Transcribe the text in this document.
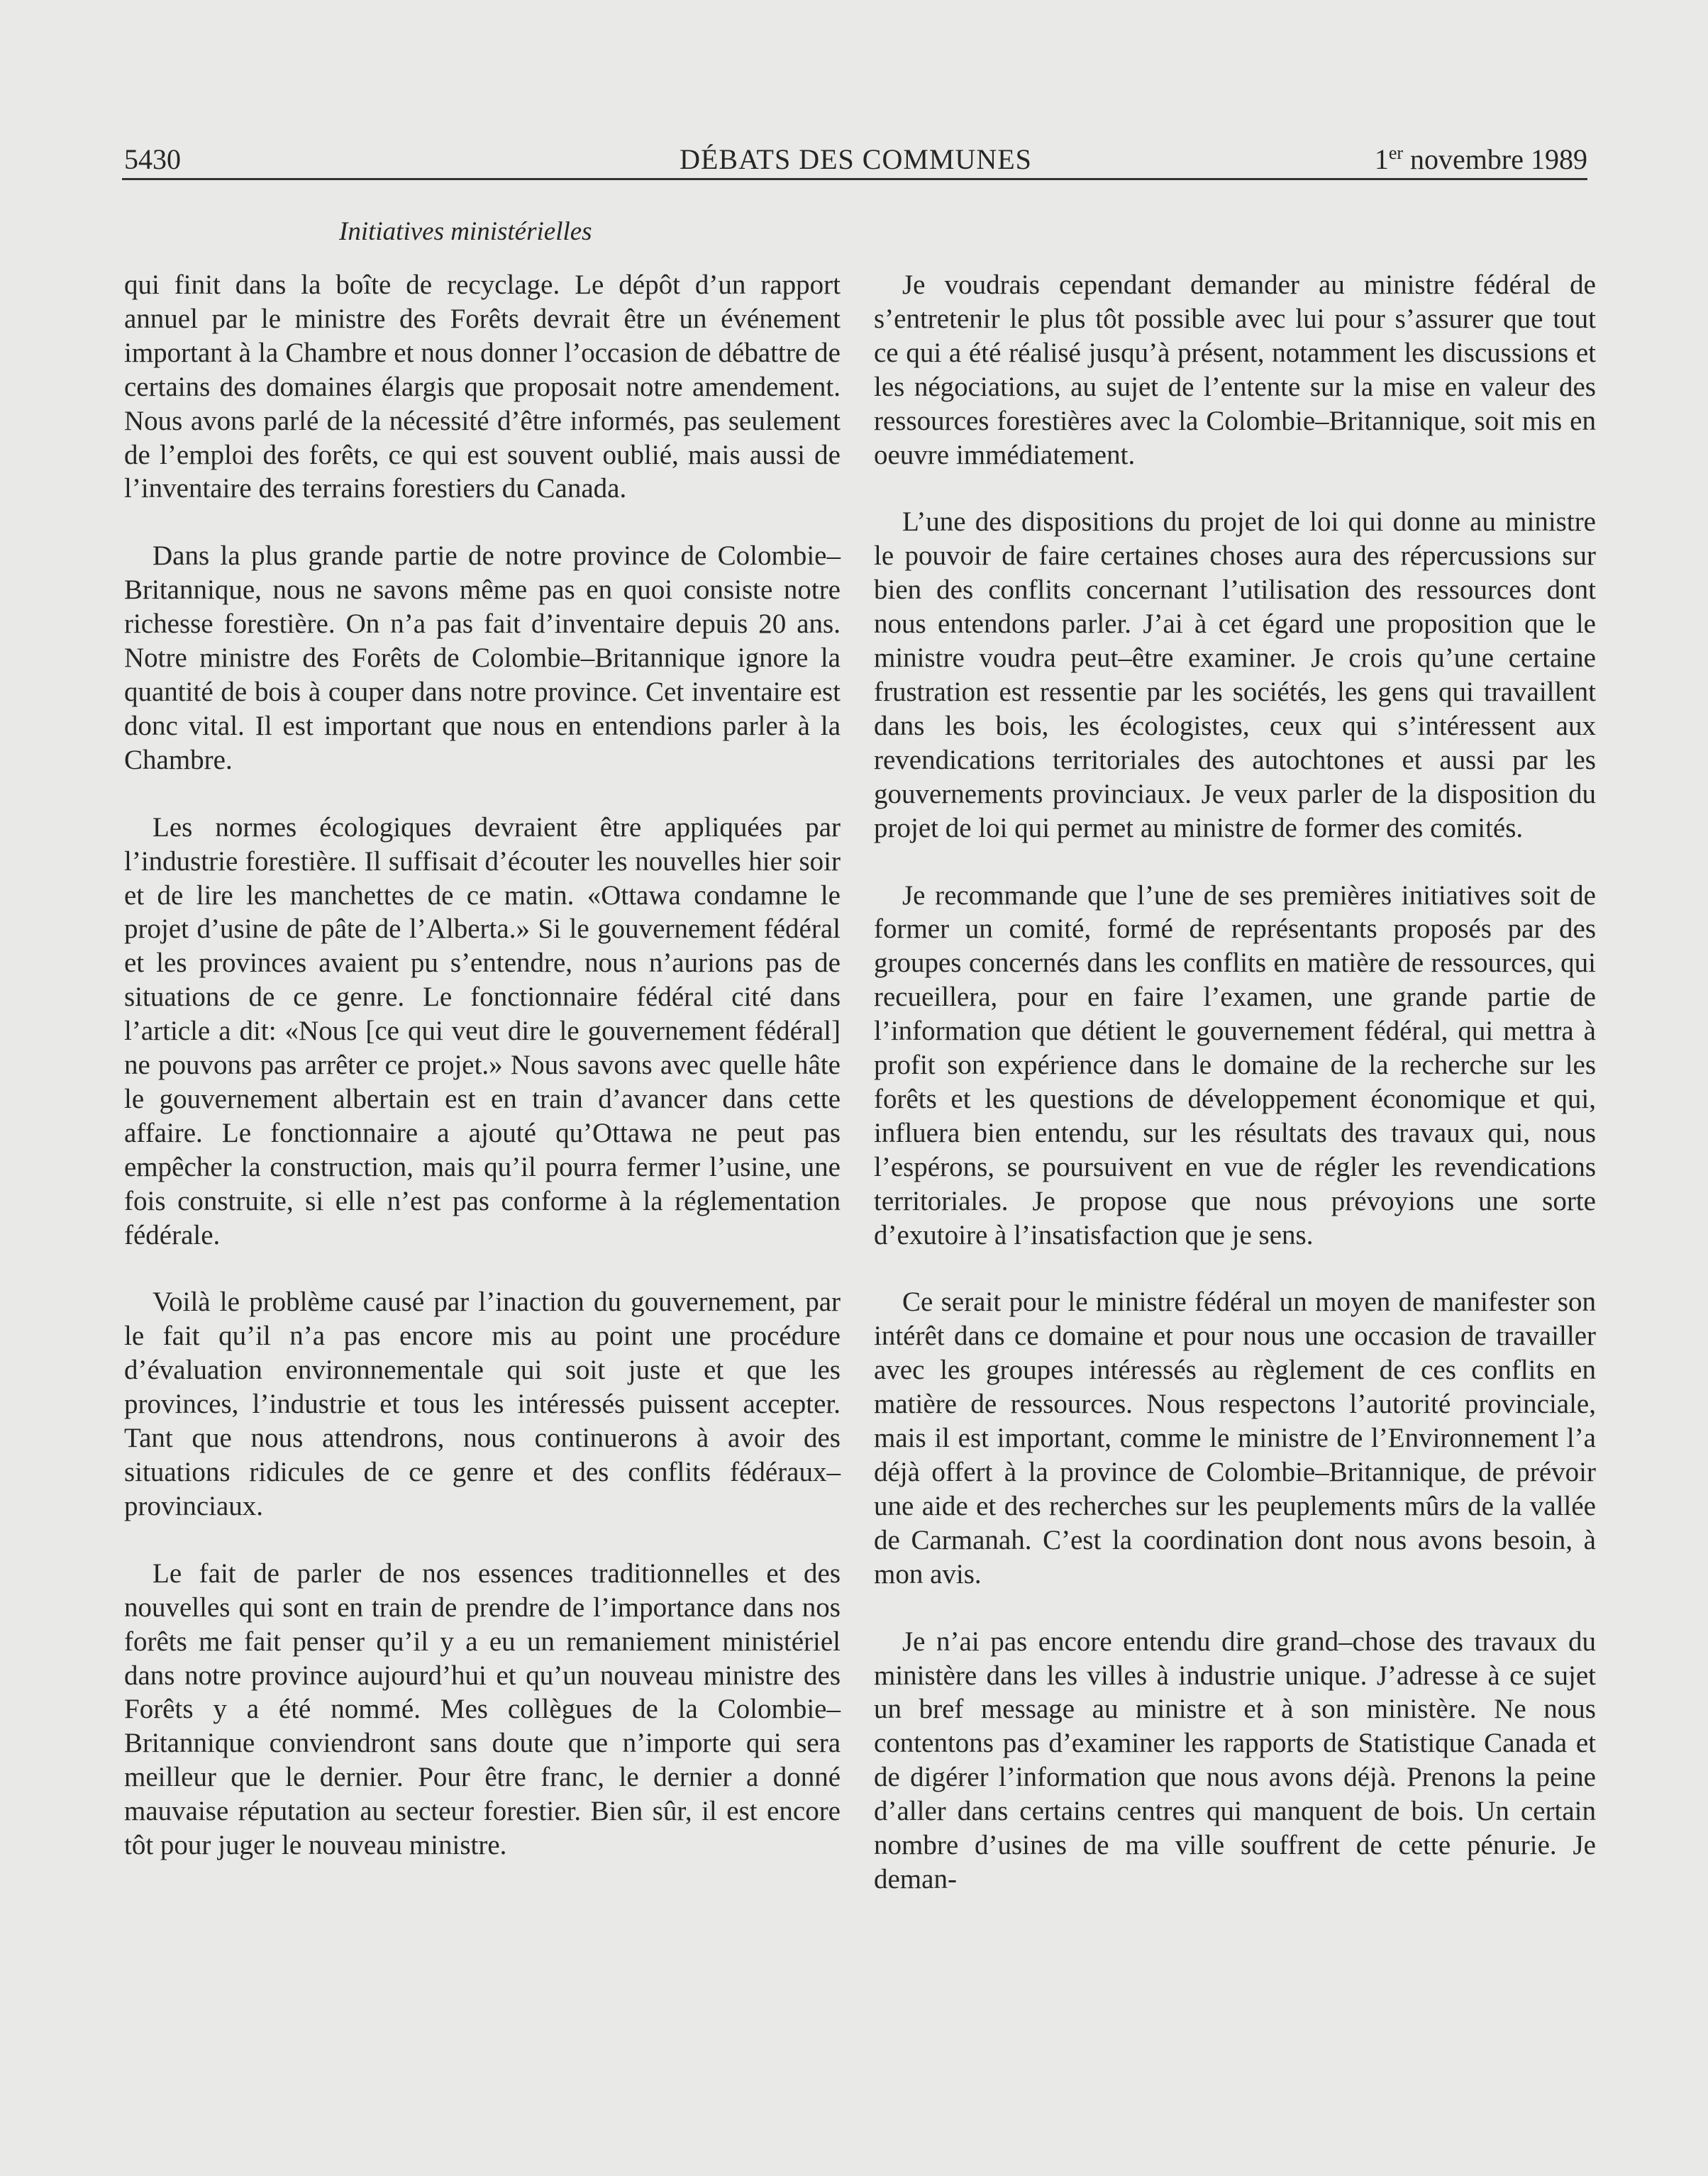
5430	DÉBATS DES COMMUNES	1er novembre 1989
Initiatives ministérielles

qui finit dans la boîte de recyclage. Le dépôt d’un rapport annuel par le ministre des Forêts devrait être un événement important à la Chambre et nous donner l’occasion de débattre de certains des domaines élargis que proposait notre amendement. Nous avons parlé de la nécessité d’être informés, pas seulement de l’emploi des forêts, ce qui est souvent oublié, mais aussi de l’inventaire des terrains forestiers du Canada.

Dans la plus grande partie de notre province de Colombie–Britannique, nous ne savons même pas en quoi consiste notre richesse forestière. On n’a pas fait d’inventaire depuis 20 ans. Notre ministre des Forêts de Colombie–Britannique ignore la quantité de bois à couper dans notre province. Cet inventaire est donc vital. Il est important que nous en entendions parler à la Chambre.

Les normes écologiques devraient être appliquées par l’industrie forestière. Il suffisait d’écouter les nouvelles hier soir et de lire les manchettes de ce matin. «Ottawa condamne le projet d’usine de pâte de l’Alberta.» Si le gouvernement fédéral et les provinces avaient pu s’entendre, nous n’aurions pas de situations de ce genre. Le fonctionnaire fédéral cité dans l’article a dit: «Nous [ce qui veut dire le gouvernement fédéral] ne pouvons pas arrêter ce projet.» Nous savons avec quelle hâte le gouvernement albertain est en train d’avancer dans cette affaire. Le fonctionnaire a ajouté qu’Ottawa ne peut pas empêcher la construction, mais qu’il pourra fermer l’usine, une fois construite, si elle n’est pas conforme à la réglementation fédérale.

Voilà le problème causé par l’inaction du gouvernement, par le fait qu’il n’a pas encore mis au point une procédure d’évaluation environnementale qui soit juste et que les provinces, l’industrie et tous les intéressés puissent accepter. Tant que nous attendrons, nous continuerons à avoir des situations ridicules de ce genre et des conflits fédéraux–provinciaux.

Le fait de parler de nos essences traditionnelles et des nouvelles qui sont en train de prendre de l’importance dans nos forêts me fait penser qu’il y a eu un remaniement ministériel dans notre province aujourd’hui et qu’un nouveau ministre des Forêts y a été nommé. Mes collègues de la Colombie–Britannique conviendront sans doute que n’importe qui sera meilleur que le dernier. Pour être franc, le dernier a donné mauvaise réputation au secteur forestier. Bien sûr, il est encore tôt pour juger le nouveau ministre.

Je voudrais cependant demander au ministre fédéral de s’entretenir le plus tôt possible avec lui pour s’assurer que tout ce qui a été réalisé jusqu’à présent, notamment les discussions et les négociations, au sujet de l’entente sur la mise en valeur des ressources forestières avec la Colombie–Britannique, soit mis en oeuvre immédiatement.

L’une des dispositions du projet de loi qui donne au ministre le pouvoir de faire certaines choses aura des répercussions sur bien des conflits concernant l’utilisation des ressources dont nous entendons parler. J’ai à cet égard une proposition que le ministre voudra peut–être examiner. Je crois qu’une certaine frustration est ressentie par les sociétés, les gens qui travaillent dans les bois, les écologistes, ceux qui s’intéressent aux revendications territoriales des autochtones et aussi par les gouvernements provinciaux. Je veux parler de la disposition du projet de loi qui permet au ministre de former des comités.

Je recommande que l’une de ses premières initiatives soit de former un comité, formé de représentants proposés par des groupes concernés dans les conflits en matière de ressources, qui recueillera, pour en faire l’examen, une grande partie de l’information que détient le gouvernement fédéral, qui mettra à profit son expérience dans le domaine de la recherche sur les forêts et les questions de développement économique et qui, influera bien entendu, sur les résultats des travaux qui, nous l’espérons, se poursuivent en vue de régler les revendications territoriales. Je propose que nous prévoyions une sorte d’exutoire à l’insatisfaction que je sens.

Ce serait pour le ministre fédéral un moyen de manifester son intérêt dans ce domaine et pour nous une occasion de travailler avec les groupes intéressés au règlement de ces conflits en matière de ressources. Nous respectons l’autorité provinciale, mais il est important, comme le ministre de l’Environnement l’a déjà offert à la province de Colombie–Britannique, de prévoir une aide et des recherches sur les peuplements mûrs de la vallée de Carmanah. C’est la coordination dont nous avons besoin, à mon avis.

Je n’ai pas encore entendu dire grand–chose des travaux du ministère dans les villes à industrie unique. J’adresse à ce sujet un bref message au ministre et à son ministère. Ne nous contentons pas d’examiner les rapports de Statistique Canada et de digérer l’information que nous avons déjà. Prenons la peine d’aller dans certains centres qui manquent de bois. Un certain nombre d’usines de ma ville souffrent de cette pénurie. Je deman-
